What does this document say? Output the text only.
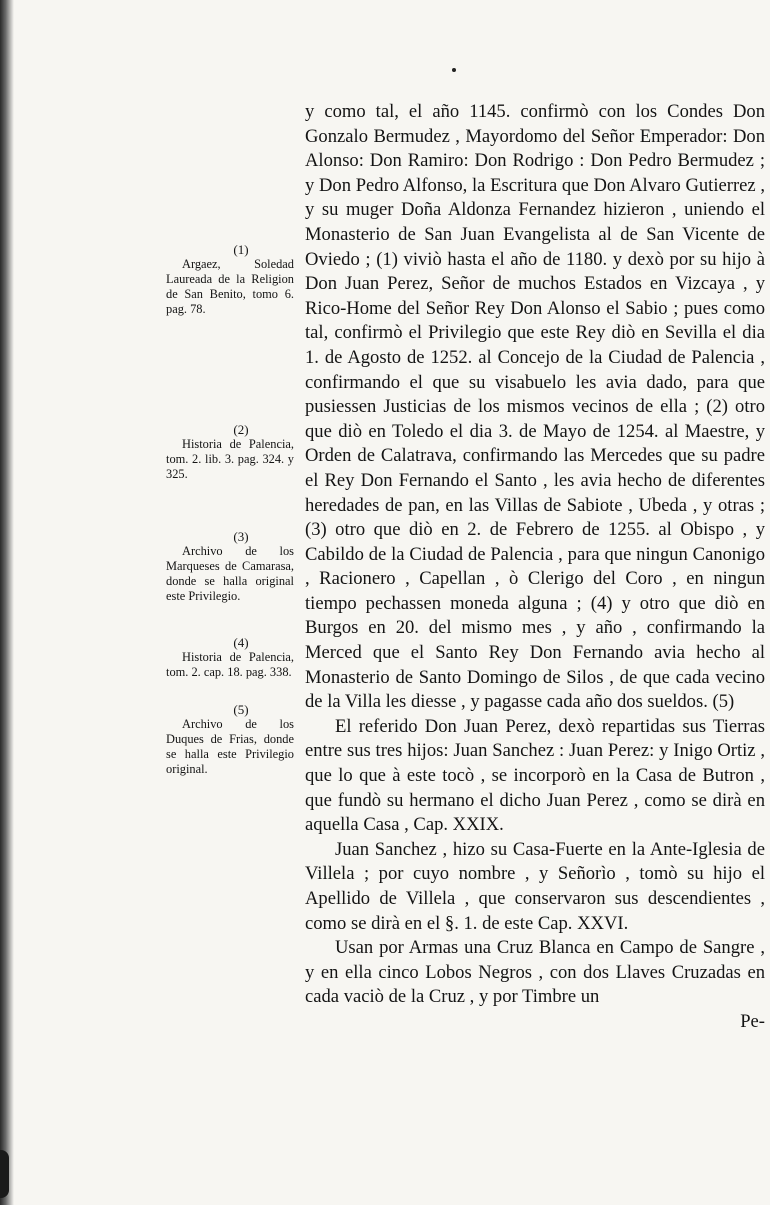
(1)
Argaez, Soledad Laureada de la Religion de San Benito, tomo 6. pag. 78.
(2)
Historia de Palencia, tom. 2. lib. 3. pag. 324. y 325.
(3)
Archivo de los Marqueses de Camarasa, donde se halla original este Privilegio.
(4)
Historia de Palencia, tom. 2. cap. 18. pag. 338.
(5)
Archivo de los Duques de Frias, donde se halla este Privilegio original.

y como tal, el año 1145. confirmò con los Condes Don Gonzalo Bermudez , Mayordomo del Señor Emperador: Don Alonso: Don Ramiro: Don Rodrigo : Don Pedro Bermudez ; y Don Pedro Alfonso, la Escritura que Don Alvaro Gutierrez , y su muger Doña Aldonza Fernandez hizieron , uniendo el Monasterio de San Juan Evangelista al de San Vicente de Oviedo ; (1) viviò hasta el año de 1180. y dexò por su hijo à Don Juan Perez, Señor de muchos Estados en Vizcaya , y Rico-Home del Señor Rey Don Alonso el Sabio ; pues como tal, confirmò el Privilegio que este Rey diò en Sevilla el dia 1. de Agosto de 1252. al Concejo de la Ciudad de Palencia , confirmando el que su visabuelo les avia dado, para que pusiessen Justicias de los mismos vecinos de ella ; (2) otro que diò en Toledo el dia 3. de Mayo de 1254. al Maestre, y Orden de Calatrava, confirmando las Mercedes que su padre el Rey Don Fernando el Santo , les avia hecho de diferentes heredades de pan, en las Villas de Sabiote , Ubeda , y otras ; (3) otro que diò en 2. de Febrero de 1255. al Obispo , y Cabildo de la Ciudad de Palencia , para que ningun Canonigo , Racionero , Capellan , ò Clerigo del Coro , en ningun tiempo pechassen moneda alguna ; (4) y otro que diò en Burgos en 20. del mismo mes , y año , confirmando la Merced que el Santo Rey Don Fernando avia hecho al Monasterio de Santo Domingo de Silos , de que cada vecino de la Villa les diesse , y pagasse cada año dos sueldos. (5)

El referido Don Juan Perez, dexò repartidas sus Tierras entre sus tres hijos: Juan Sanchez : Juan Perez: y Inigo Ortiz , que lo que à este tocò , se incorporò en la Casa de Butron , que fundò su hermano el dicho Juan Perez , como se dirà en aquella Casa , Cap. XXIX.

Juan Sanchez , hizo su Casa-Fuerte en la Ante-Iglesia de Villela ; por cuyo nombre , y Señorìo , tomò su hijo el Apellido de Villela , que conservaron sus descendientes , como se dirà en el §. 1. de este Cap. XXVI.

Usan por Armas una Cruz Blanca en Campo de Sangre , y en ella cinco Lobos Negros , con dos Llaves Cruzadas en cada vaciò de la Cruz , y por Timbre un

Pe-
